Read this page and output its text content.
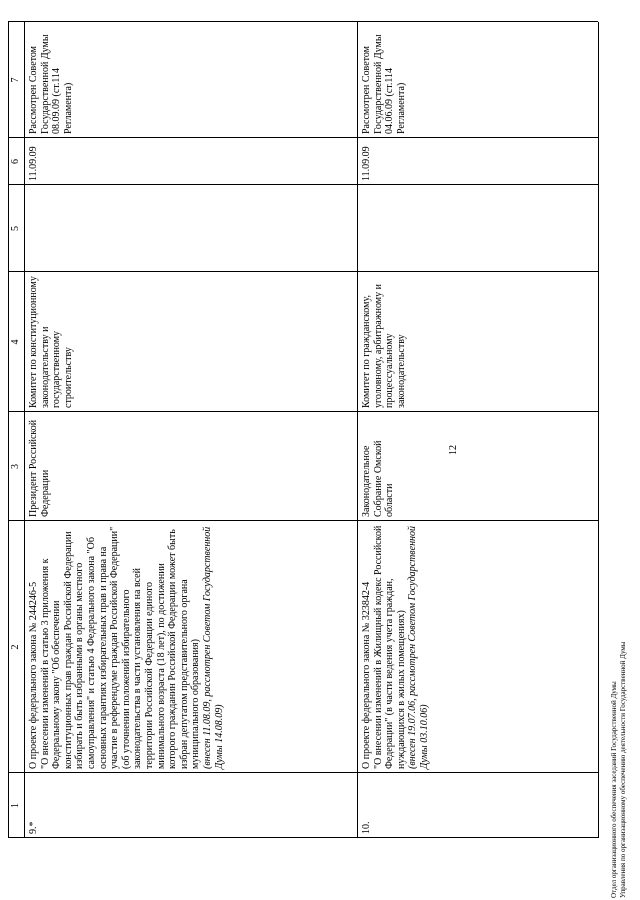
12
1
2
3
4
5
6
7
9.*
О проекте федерального закона № 244246-5 "О внесении изменений в статью 3 приложения к Федеральному закону "Об обеспечении конституционных прав граждан Российской Федерации избирать и быть избранными в органы местного самоуправления" и статью 4 Федерального закона "Об основных гарантиях избирательных прав и права на участие в референдуме граждан Российской Федерации" (об уточнении положений избирательного законодательства в части установления на всей территории Российской Федерации единого минимального возраста (18 лет), по достижении которого гражданин Российской Федерации может быть избран депутатом представительного органа муниципального образования) (внесен 11.08.09, рассмотрен Советом Государственной Думы 14.08.09)
Президент Российской Федерации
Комитет по конституционному законодательству и государственному строительству
11.09.09
Рассмотрен Советом Государственной Думы 08.09.09 (ст.114 Регламента)
10.
О проекте федерального закона № 323842-4 "О внесении изменений в Жилищный кодекс Российской Федерации" (в части ведения учета граждан, нуждающихся в жилых помещениях) (внесен 19.07.06, рассмотрен Советом Государственной Думы 03.10.06)
Законодательное Собрание Омской области
Комитет по гражданскому, уголовному, арбитражному и процессуальному законодательству
11.09.09
Рассмотрен Советом Государственной Думы 04.06.09 (ст.114 Регламента)
Отдел организационного обеспечения заседаний Государственной Думы Управления по организационному обеспечению деятельности Государственной Думы
